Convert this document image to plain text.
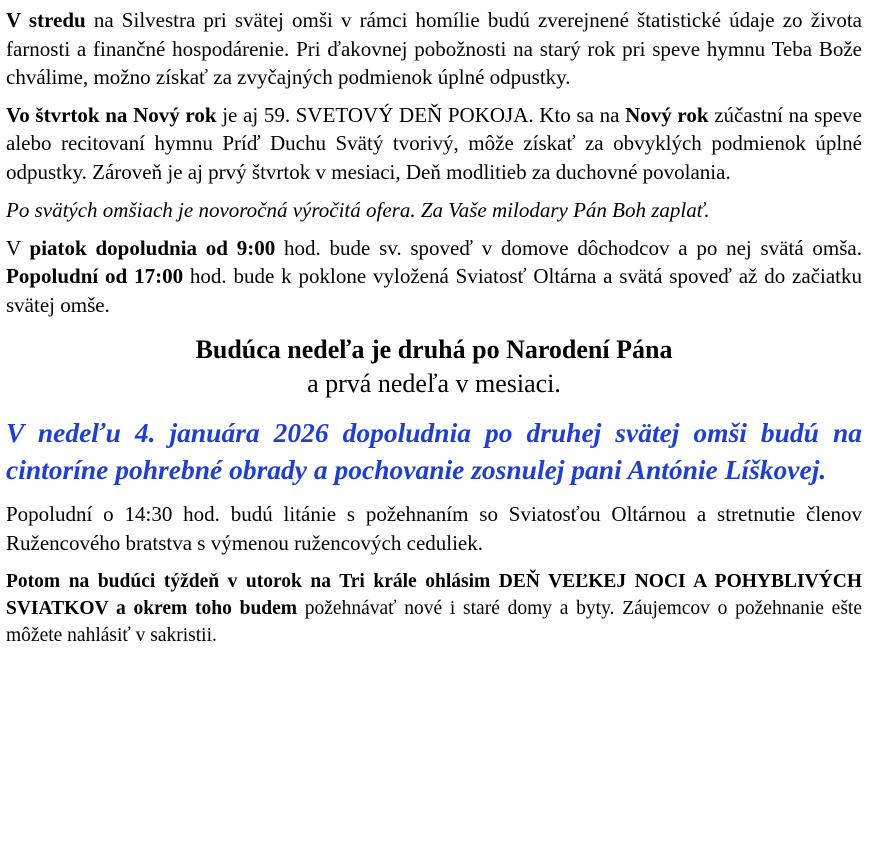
V stredu na Silvestra pri svätej omši v rámci homílie budú zverejnené štatistické údaje zo života farnosti a finančné hospodárenie. Pri ďakovnej pobožnosti na starý rok pri speve hymnu Teba Bože chválime, možno získať za zvyčajných podmienok úplné odpustky.

Vo štvrtok na Nový rok je aj 59. SVETOVÝ DEŇ POKOJA. Kto sa na Nový rok zúčastní na speve alebo recitovaní hymnu Príď Duchu Svätý tvorivý, môže získať za obvyklých podmienok úplné odpustky. Zároveň je aj prvý štvrtok v mesiaci, Deň modlitieb za duchovné povolania.

Po svätých omšiach je novoročná výročitá ofera. Za Vaše milodary Pán Boh zaplať.

V piatok dopoludnia od 9:00 hod. bude sv. spoveď v domove dôchodcov a po nej svätá omša. Popoludní od 17:00 hod. bude k poklone vyložená Sviatosť Oltárna a svätá spoveď až do začiatku svätej omše.

Budúca nedeľa je druhá po Narodení Pána
a prvá nedeľa v mesiaci.

V nedeľu 4. januára 2026 dopoludnia po druhej svätej omši budú na cintoríne pohrebné obrady a pochovanie zosnulej pani Antónie Líškovej.

Popoludní o 14:30 hod. budú litánie s požehnaním so Sviatosťou Oltárnou a stretnutie členov Ružencového bratstva s výmenou ružencových ceduliek.

Potom na budúci týždeň v utorok na Tri krále ohlásim DEŇ VEĽKEJ NOCI A POHYBLIVÝCH SVIATKOV a okrem toho budem požehnávať nové i staré domy a byty. Záujemcov o požehnanie ešte môžete nahlásiť v sakristii.
